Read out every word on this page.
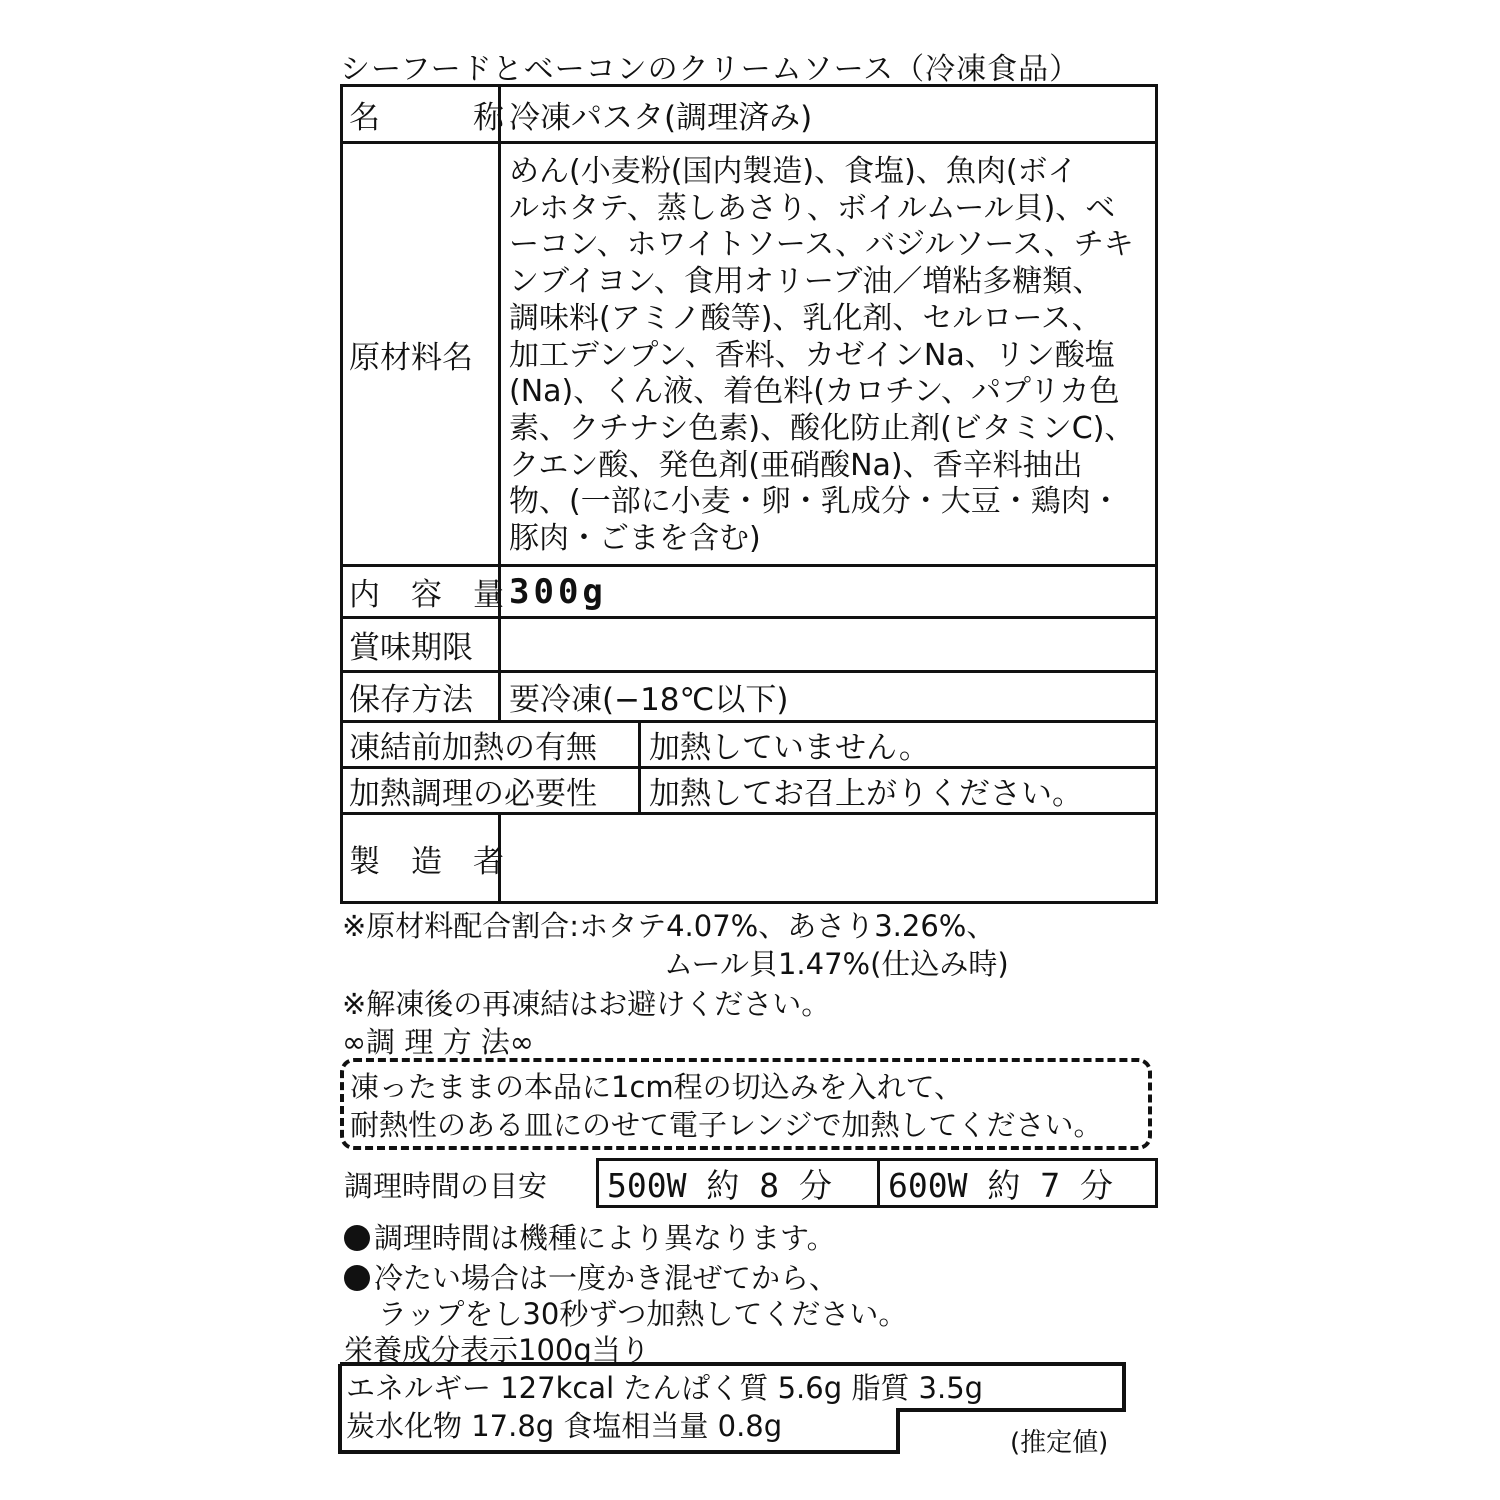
シーフードとベーコンのクリームソース（冷凍食品）
名　　　称 冷凍パスタ(調理済み)
原材料名
めん(小麦粉(国内製造)、食塩)、魚肉(ボイ
ルホタテ、蒸しあさり、ボイルムール貝)、ベ
ーコン、ホワイトソース、バジルソース、チキ
ンブイヨン、食用オリーブ油／増粘多糖類、
調味料(アミノ酸等)、乳化剤、セルロース、
加工デンプン、香料、カゼインNa、リン酸塩
(Na)、くん液、着色料(カロチン、パプリカ色
素、クチナシ色素)、酸化防止剤(ビタミンC)、
クエン酸、発色剤(亜硝酸Na)、香辛料抽出
物、(一部に小麦・卵・乳成分・大豆・鶏肉・
豚肉・ごまを含む)
内　容　量 300g
賞味期限
保存方法	要冷凍(−18℃以下)
凍結前加熱の有無	加熱していません。
加熱調理の必要性	加熱してお召上がりください。
製　造　者
※原材料配合割合:ホタテ4.07%、あさり3.26%、
ムール貝1.47%(仕込み時)
※解凍後の再凍結はお避けください。
∞調 理 方 法∞
凍ったままの本品に1cm程の切込みを入れて、
耐熱性のある皿にのせて電子レンジで加熱してください。
調理時間の目安	500W 約 8 分	600W 約 7 分
調理時間は機種により異なります。
冷たい場合は一度かき混ぜてから、
ラップをし30秒ずつ加熱してください。
栄養成分表示100g当り
エネルギー 127kcal たんぱく質 5.6g 脂質 3.5g
炭水化物 17.8g 食塩相当量 0.8g	(推定値)
